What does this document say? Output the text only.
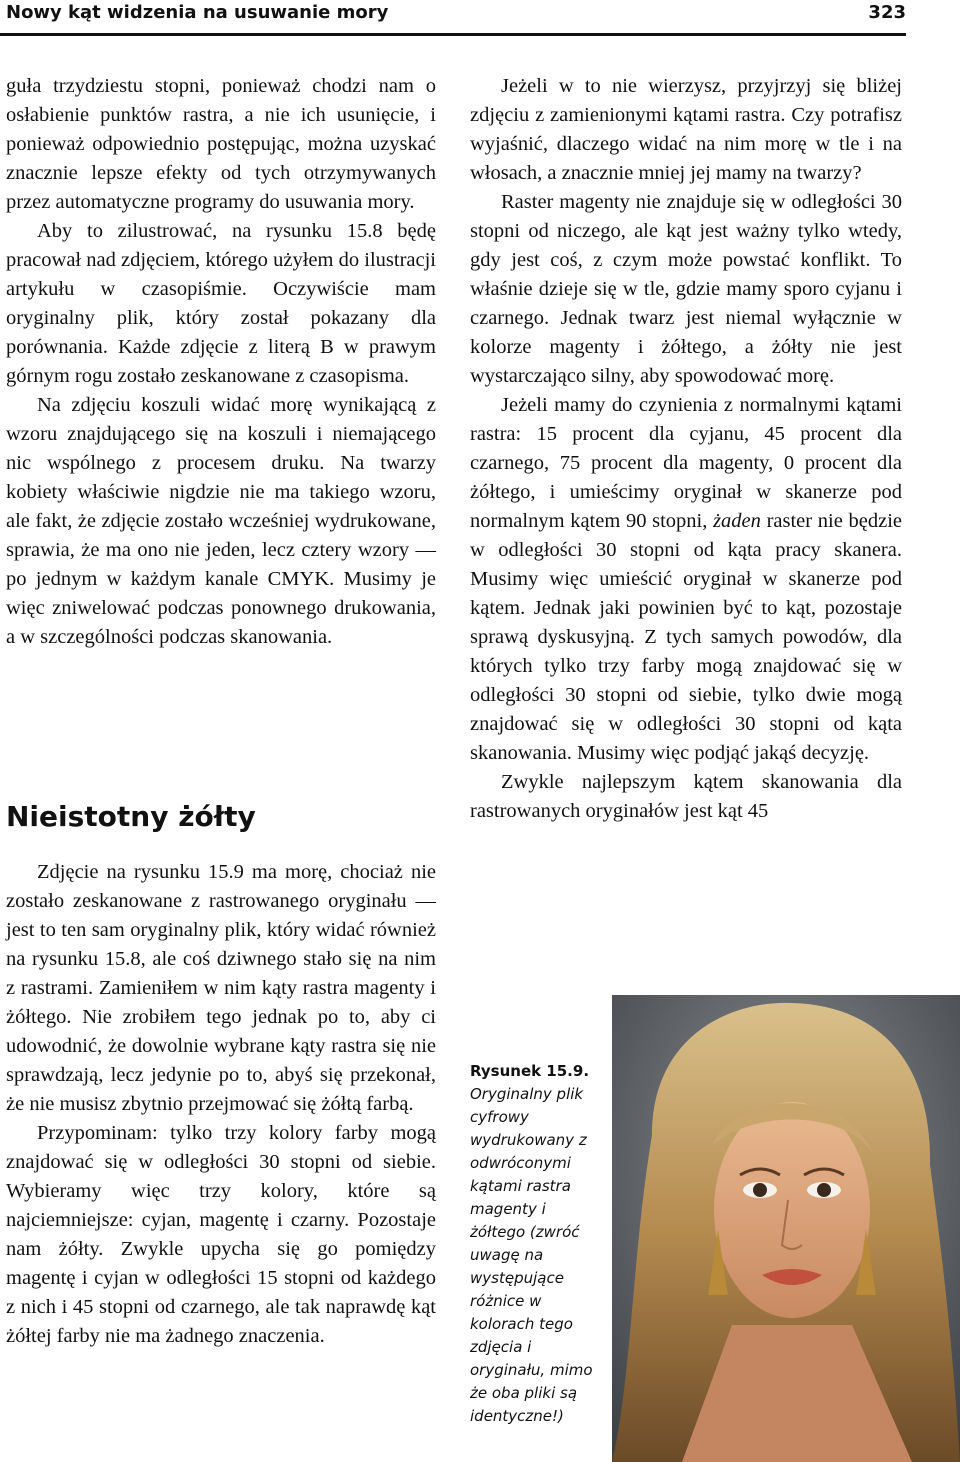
Nowy kąt widzenia na usuwanie mory	323

guła trzydziestu stopni, ponieważ chodzi nam o osłabienie punktów rastra, a nie ich usunięcie, i ponieważ odpowiednio postępując, można uzyskać znacznie lepsze efekty od tych otrzymywanych przez automatyczne programy do usuwania mory.

Aby to zilustrować, na rysunku 15.8 będę pracował nad zdjęciem, którego użyłem do ilustracji artykułu w czasopiśmie. Oczywiście mam oryginalny plik, który został pokazany dla porównania. Każde zdjęcie z literą B w prawym górnym rogu zostało zeskanowane z czasopisma.

Na zdjęciu koszuli widać morę wynikającą z wzoru znajdującego się na koszuli i niemającego nic wspólnego z procesem druku. Na twarzy kobiety właściwie nigdzie nie ma takiego wzoru, ale fakt, że zdjęcie zostało wcześniej wydrukowane, sprawia, że ma ono nie jeden, lecz cztery wzory — po jednym w każdym kanale CMYK. Musimy je więc zniwelować podczas ponownego drukowania, a w szczególności podczas skanowania.

Nieistotny żółty

Zdjęcie na rysunku 15.9 ma morę, chociaż nie zostało zeskanowane z rastrowanego oryginału — jest to ten sam oryginalny plik, który widać również na rysunku 15.8, ale coś dziwnego stało się na nim z rastrami. Zamieniłem w nim kąty rastra magenty i żółtego. Nie zrobiłem tego jednak po to, aby ci udowodnić, że dowolnie wybrane kąty rastra się nie sprawdzają, lecz jedynie po to, abyś się przekonał, że nie musisz zbytnio przejmować się żółtą farbą.

Przypominam: tylko trzy kolory farby mogą znajdować się w odległości 30 stopni od siebie. Wybieramy więc trzy kolory, które są najciemniejsze: cyjan, magentę i czarny. Pozostaje nam żółty. Zwykle upycha się go pomiędzy magentę i cyjan w odległości 15 stopni od każdego z nich i 45 stopni od czarnego, ale tak naprawdę kąt żółtej farby nie ma żadnego znaczenia.

Jeżeli w to nie wierzysz, przyjrzyj się bliżej zdjęciu z zamienionymi kątami rastra. Czy potrafisz wyjaśnić, dlaczego widać na nim morę w tle i na włosach, a znacznie mniej jej mamy na twarzy?

Raster magenty nie znajduje się w odległości 30 stopni od niczego, ale kąt jest ważny tylko wtedy, gdy jest coś, z czym może powstać konflikt. To właśnie dzieje się w tle, gdzie mamy sporo cyjanu i czarnego. Jednak twarz jest niemal wyłącznie w kolorze magenty i żółtego, a żółty nie jest wystarczająco silny, aby spowodować morę.

Jeżeli mamy do czynienia z normalnymi kątami rastra: 15 procent dla cyjanu, 45 procent dla czarnego, 75 procent dla magenty, 0 procent dla żółtego, i umieścimy oryginał w skanerze pod normalnym kątem 90 stopni, żaden raster nie będzie w odległości 30 stopni od kąta pracy skanera. Musimy więc umieścić oryginał w skanerze pod kątem. Jednak jaki powinien być to kąt, pozostaje sprawą dyskusyjną. Z tych samych powodów, dla których tylko trzy farby mogą znajdować się w odległości 30 stopni od siebie, tylko dwie mogą znajdować się w odległości 30 stopni od kąta skanowania. Musimy więc podjąć jakąś decyzję.

Zwykle najlepszym kątem skanowania dla rastrowanych oryginałów jest kąt 45

Rysunek 15.9.
Oryginalny plik cyfrowy wydrukowany z odwróconymi kątami rastra magenty i żółtego (zwróć uwagę na występujące różnice w kolorach tego zdjęcia i oryginału, mimo że oba pliki są identyczne!)
